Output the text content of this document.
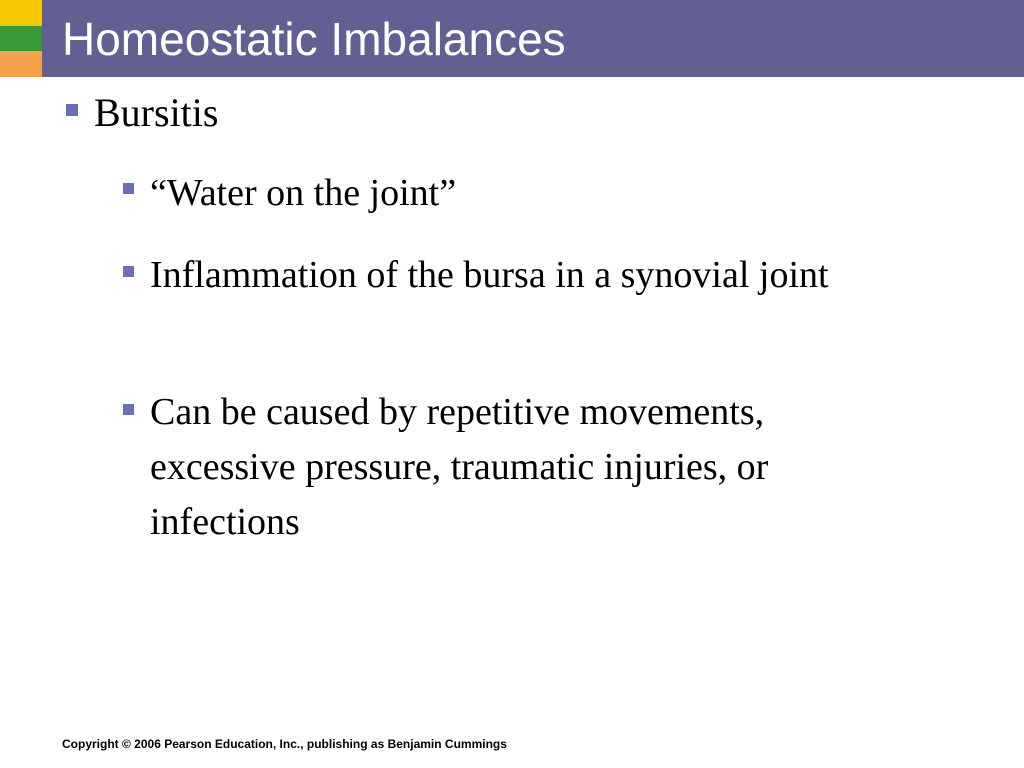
Homeostatic Imbalances
Bursitis
“Water on the joint”
Inflammation of the bursa in a synovial joint
Can be caused by repetitive movements, excessive pressure, traumatic injuries, or infections
Copyright © 2006 Pearson Education, Inc., publishing as Benjamin Cummings
